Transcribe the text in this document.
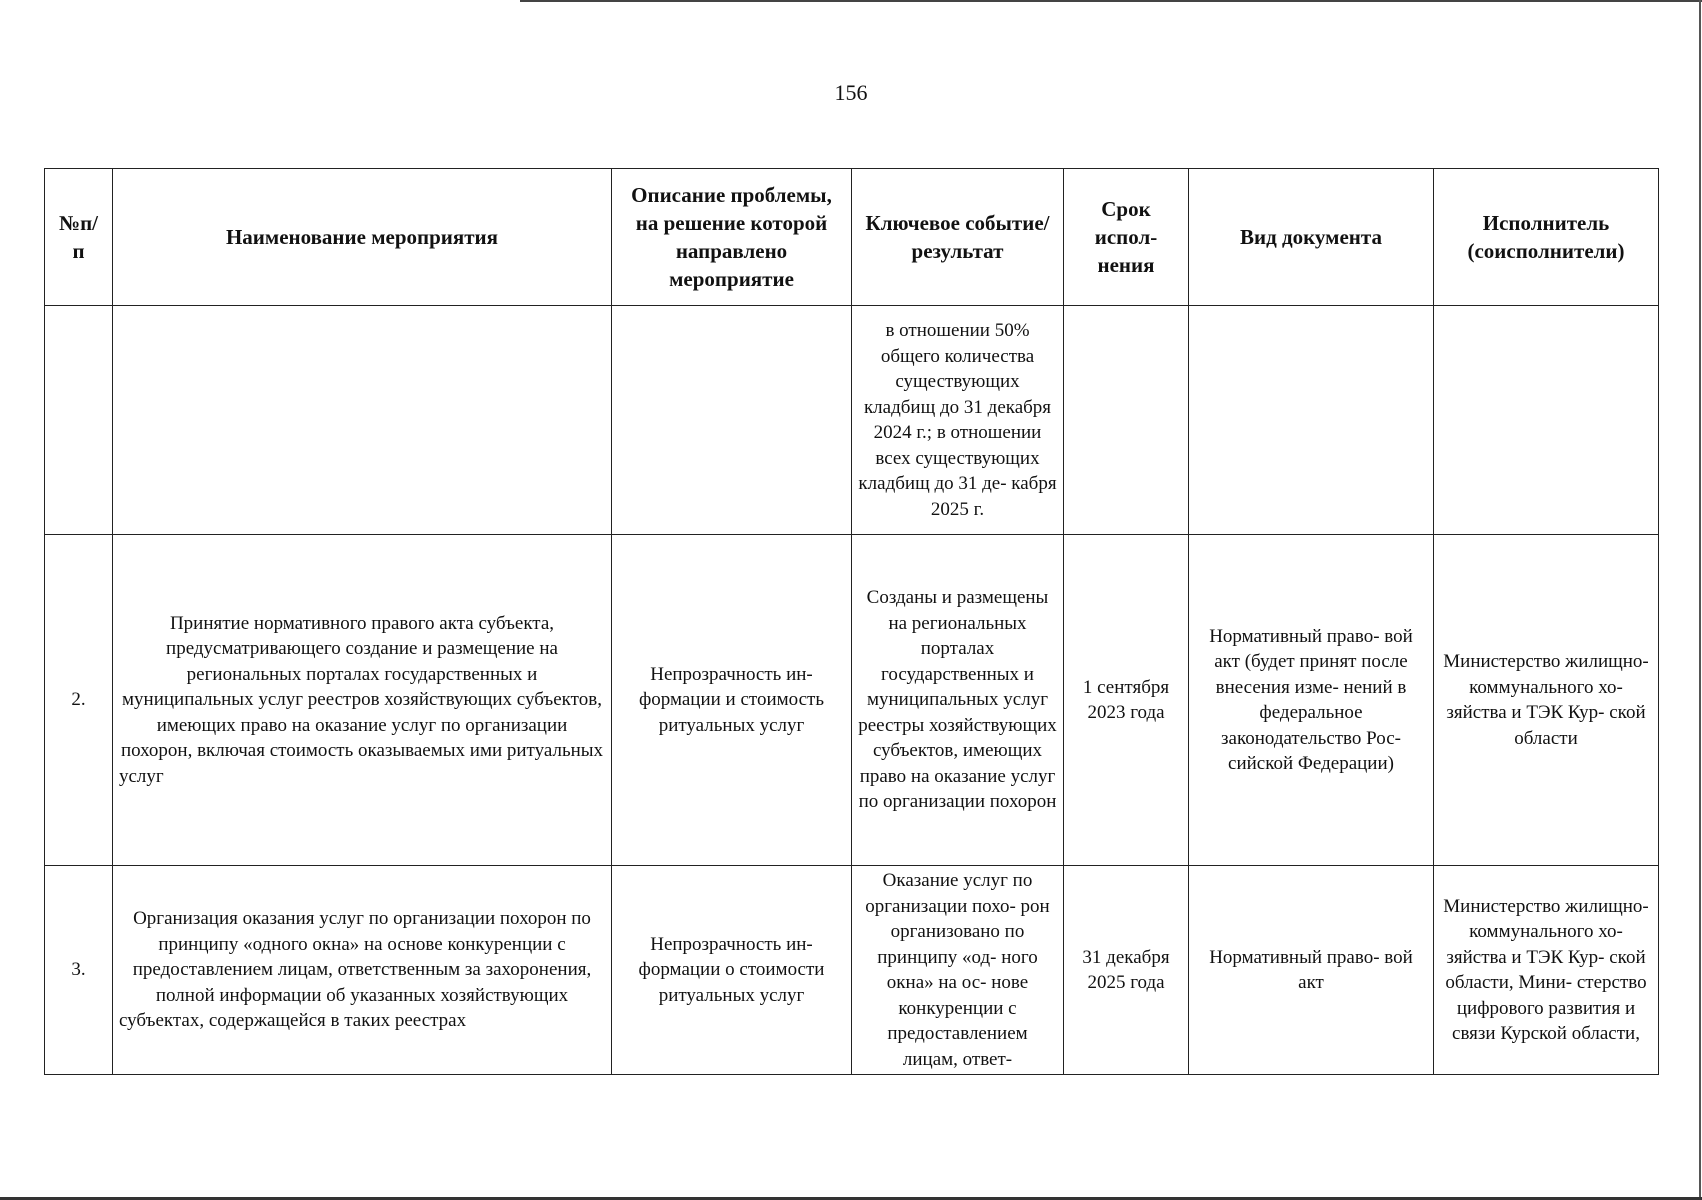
156
№п/ п	Наименование мероприятия	Описание проблемы, на решение которой направлено мероприятие	Ключевое событие/ результат	Срок испол- нения	Вид документа	Исполнитель (соисполнители)
			в отношении 50% общего количества существующих кладбищ до 31 декабря 2024 г.; в отношении всех существующих кладбищ до 31 де- кабря 2025 г.			
2.	Принятие нормативного правого акта субъекта, предусматривающего создание и размещение на региональных порталах государственных и муниципальных услуг реестров хозяйствующих субъектов, имеющих право на оказание услуг по организации похорон, включая стоимость оказываемых ими ритуальных услуг	Непрозрачность ин- формации и стоимость ритуальных услуг	Созданы и размещены на региональных порталах государственных и муниципальных услуг реестры хозяйствующих субъектов, имеющих право на оказание услуг по организации похорон	1 сентября 2023 года	Нормативный право- вой акт (будет принят после внесения изме- нений в федеральное законодательство Рос- сийской Федерации)	Министерство жилищно- коммунального хо- зяйства и ТЭК Кур- ской области
3.	Организация оказания услуг по организации похорон по принципу «одного окна» на основе конкуренции с предоставлением лицам, ответственным за захоронения, полной информации об указанных хозяйствующих субъектах, содержащейся в таких реестрах	Непрозрачность ин- формации о стоимости ритуальных услуг	Оказание услуг по организации похо- рон организовано по принципу «од- ного окна» на ос- нове конкуренции с предоставлением лицам, ответ-	31 декабря 2025 года	Нормативный право- вой акт	Министерство жилищно- коммунального хо- зяйства и ТЭК Кур- ской области, Мини- стерство цифрового развития и связи Курской области,
